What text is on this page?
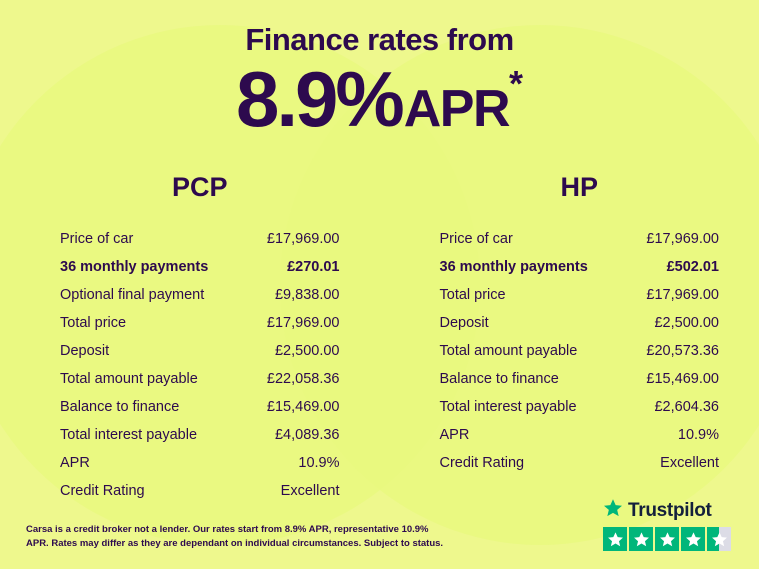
Finance rates from
8.9%APR*
PCP
Price of car	£17,969.00
36 monthly payments	£270.01
Optional final payment	£9,838.00
Total price	£17,969.00
Deposit	£2,500.00
Total amount payable	£22,058.36
Balance to finance	£15,469.00
Total interest payable	£4,089.36
APR	10.9%
Credit Rating	Excellent
HP
Price of car	£17,969.00
36 monthly payments	£502.01
Total price	£17,969.00
Deposit	£2,500.00
Total amount payable	£20,573.36
Balance to finance	£15,469.00
Total interest payable	£2,604.36
APR	10.9%
Credit Rating	Excellent
Carsa is a credit broker not a lender. Our rates start from 8.9% APR, representative 10.9% APR. Rates may differ as they are dependant on individual circumstances. Subject to status.
Trustpilot
